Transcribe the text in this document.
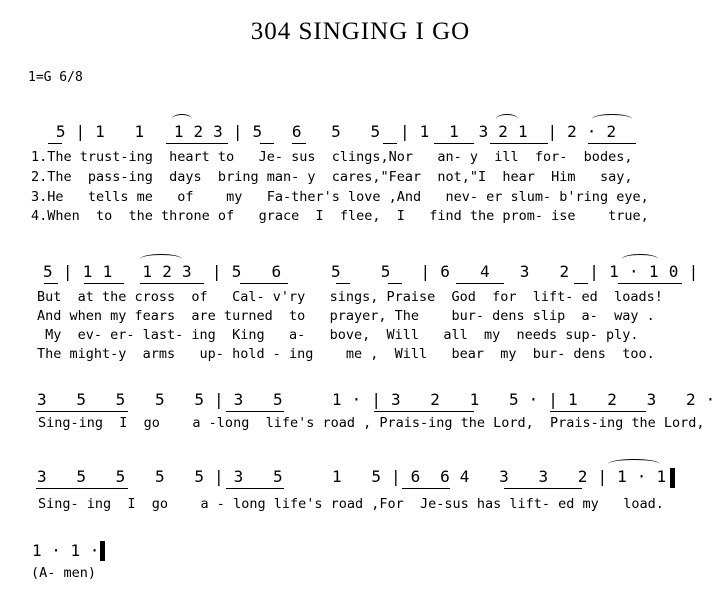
304 SINGING I GO
1=G 6/8
5 | 1   1   1 2 3 | 5   6   5   5  | 1  1  3 2 1  | 2 · 2
1.The trust-ing  heart to   Je- sus  clings,Nor   an- y  ill  for-  bodes,
2.The  pass-ing  days  bring man- y  cares,"Fear  not,"I  hear  Him   say,
3.He   tells me   of    my   Fa-ther's love ,And   nev- er slum- b'ring eye,
4.When  to  the throne of   grace  I  flee,  I   find the prom- ise    true,
5 | 1 1   1 2 3  | 5   6     5    5   | 6   4   3   2  | 1 · 1 0 |
But  at the cross  of   Cal- v'ry   sings, Praise  God  for  lift- ed  loads!
And when my fears  are turned  to   prayer, The    bur- dens slip  a-  way .
My  ev- er- last- ing  King   a-   bove,  Will   all  my  needs sup- ply.
The might-y  arms   up- hold - ing    me ,  Will   bear  my  bur- dens  too.
3   5   5   5   5 | 3   5     1 · | 3   2   1   5 · | 1   2   3   2 ·
Sing-ing  I  go    a -long  life's road , Prais-ing the Lord,  Prais-ing the Lord,
3   5   5   5   5 | 3   5     1   5 | 6  6 4   3   3   2 | 1 · 1
Sing- ing  I  go    a - long life's road ,For  Je-sus has lift- ed my   load.
1 · 1 ·
(A- men)
